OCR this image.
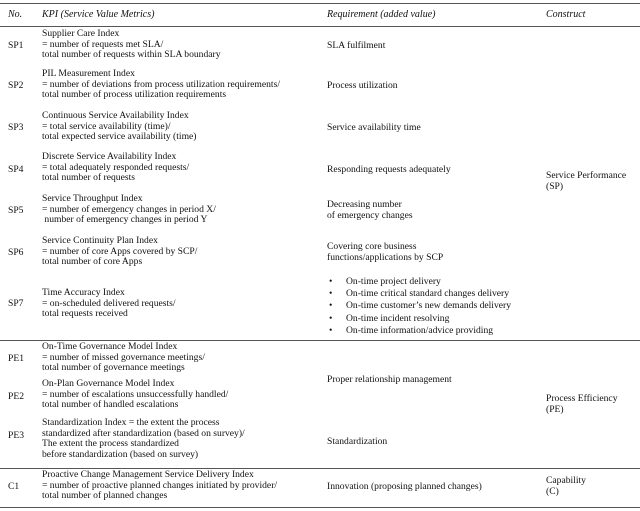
No. KPI (Service Value Metrics)	Requirement (added value)	Construct
SP1
Supplier Care Index
= number of requests met SLA/
total number of requests within SLA boundary
SLA fulfilment
SP2
PIL Measurement Index
= number of deviations from process utilization requirements/
total number of process utilization requirements
Process utilization
SP3
Continuous Service Availability Index
= total service availability (time)/
total expected service availability (time)
Service availability time
SP4
Discrete Service Availability Index
= total adequately responded requests/
total number of requests
Responding requests adequately
SP5
Service Throughput Index
= number of emergency changes in period X/
number of emergency changes in period Y
Decreasing number
of emergency changes
SP6
Service Continuity Plan Index
= number of core Apps covered by SCP/
total number of core Apps
Covering core business
functions/applications by SCP
SP7
Time Accuracy Index
= on-scheduled delivered requests/
total requests received
• On-time project delivery
• On-time critical standard changes delivery
• On-time customer’s new demands delivery
• On-time incident resolving
• On-time information/advice providing
Service Performance
(SP)
PE1
On-Time Governance Model Index
= number of missed governance meetings/
total number of governance meetings
Proper relationship management
PE2
On-Plan Governance Model Index
= number of escalations unsuccessfully handled/
total number of handled escalations
Process Efficiency
(PE)
PE3
Standardization Index = the extent the process
standardized after standardization (based on survey)/
The extent the process standardized
before standardization (based on survey)
Standardization
C1
Proactive Change Management Service Delivery Index
= number of proactive planned changes initiated by provider/
total number of planned changes
Innovation (proposing planned changes)
Capability
(C)
